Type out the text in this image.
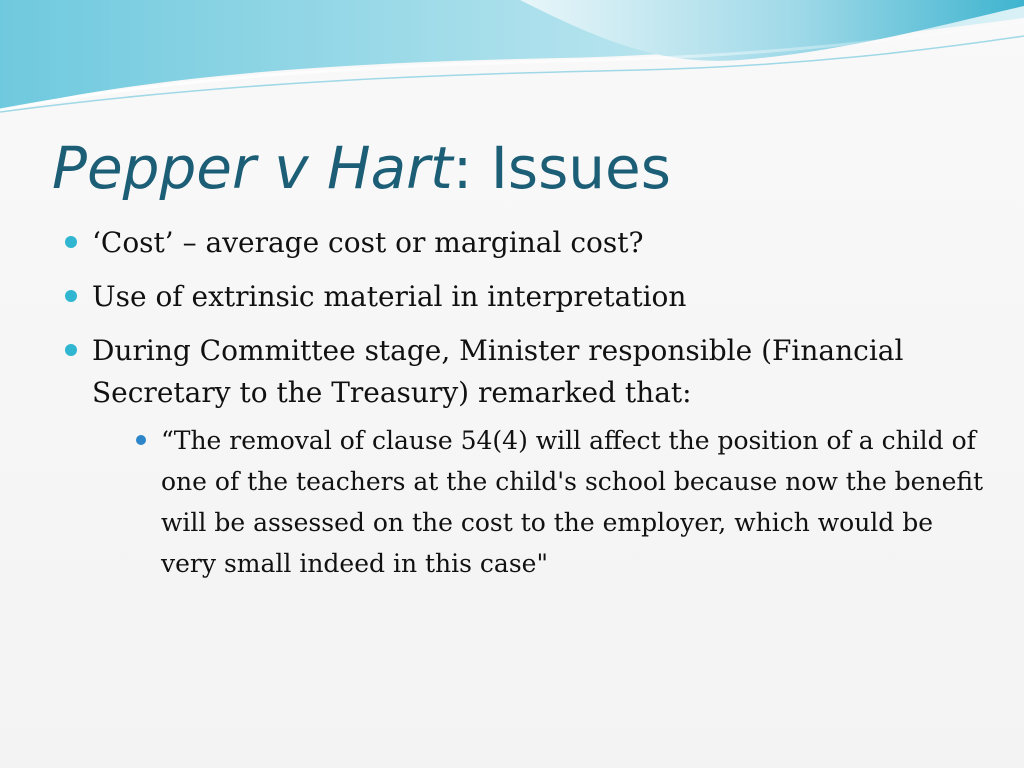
Pepper v Hart: Issues
‘Cost’ – average cost or marginal cost?
Use of extrinsic material in interpretation
During Committee stage, Minister responsible (Financial Secretary to the Treasury) remarked that:
“The removal of clause 54(4) will affect the position of a child of one of the teachers at the child's school because now the benefit will be assessed on the cost to the employer, which would be very small indeed in this case"
